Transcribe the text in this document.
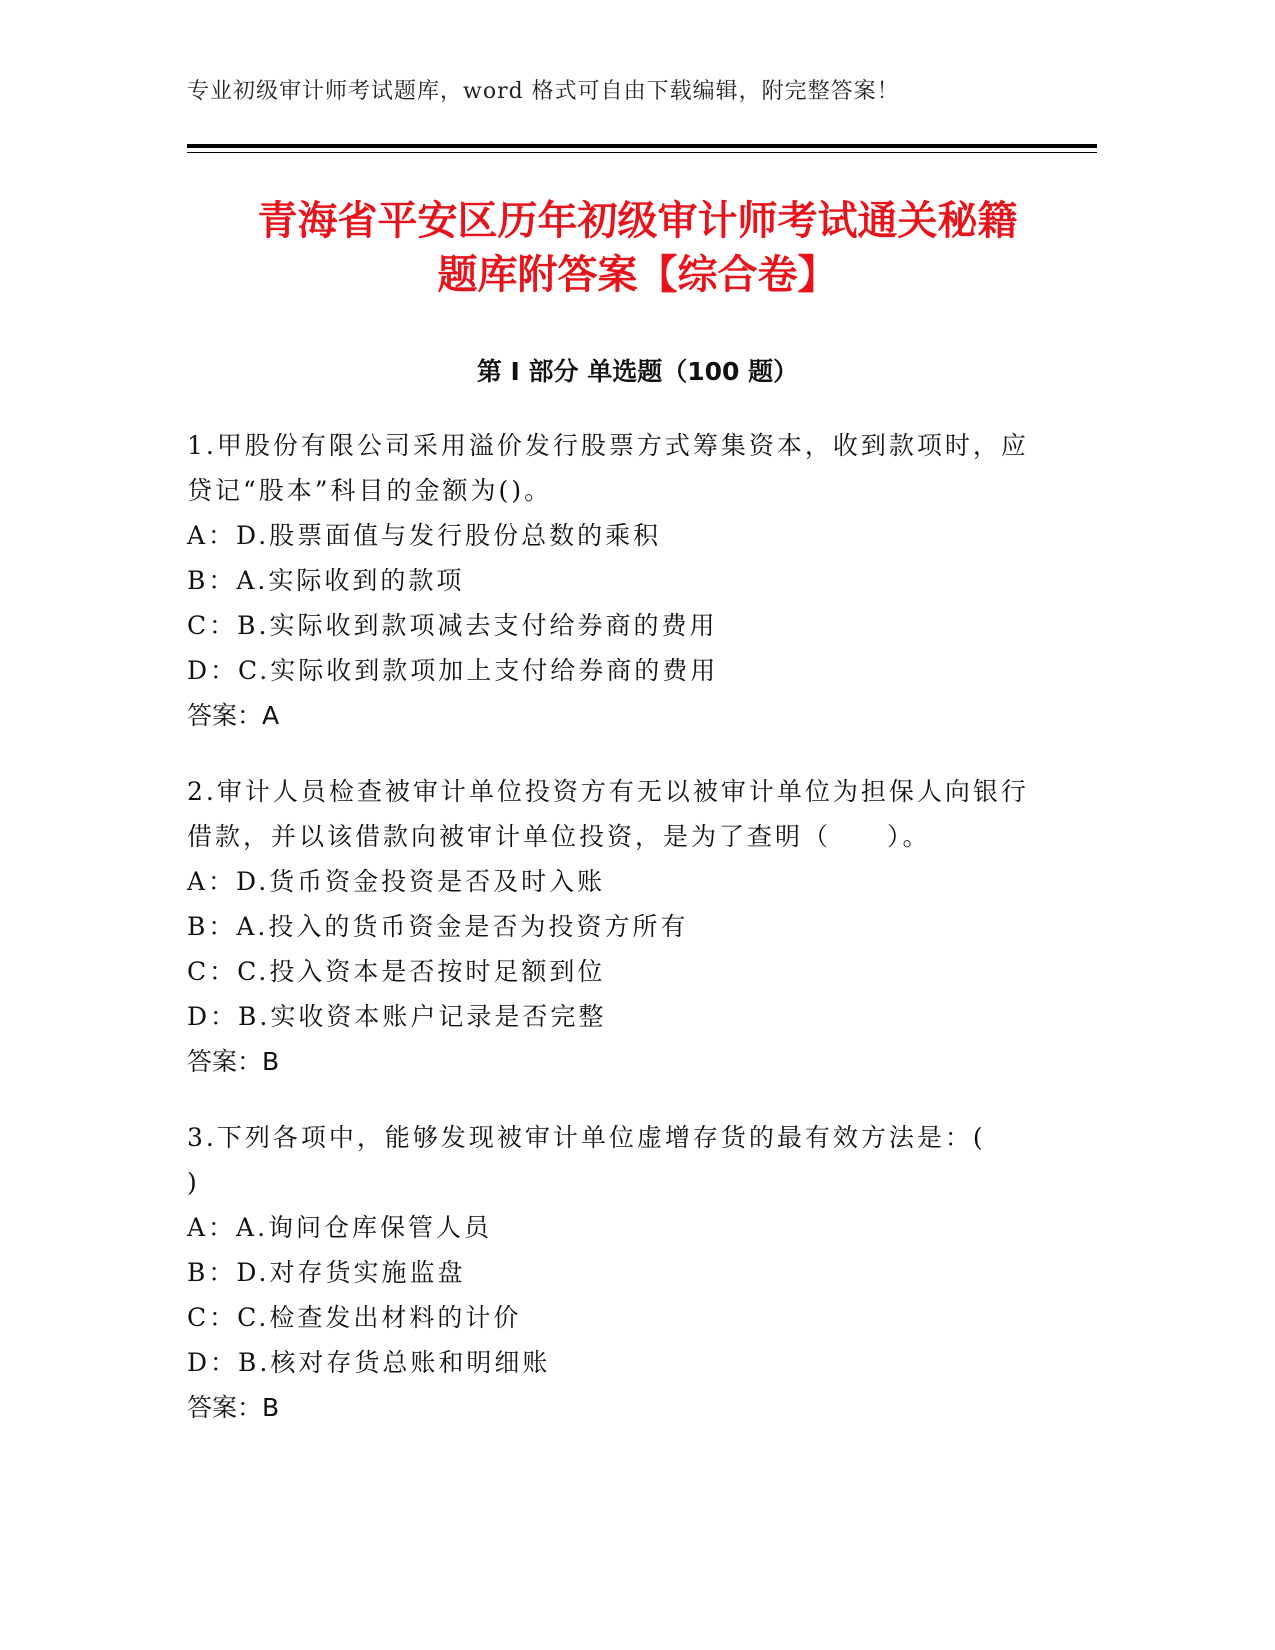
专业初级审计师考试题库，word 格式可自由下载编辑，附完整答案！
青海省平安区历年初级审计师考试通关秘籍
题库附答案【综合卷】
第 I 部分 单选题（100 题）

1.甲股份有限公司采用溢价发行股票方式筹集资本，收到款项时，应
贷记“股本”科目的金额为()。

A：D.股票面值与发行股份总数的乘积

B：A.实际收到的款项

C：B.实际收到款项减去支付给券商的费用

D：C.实际收到款项加上支付给券商的费用

答案：A

2.审计人员检查被审计单位投资方有无以被审计单位为担保人向银行
借款，并以该借款向被审计单位投资，是为了查明（　　）。

A：D.货币资金投资是否及时入账

B：A.投入的货币资金是否为投资方所有

C：C.投入资本是否按时足额到位

D：B.实收资本账户记录是否完整

答案：B

3.下列各项中，能够发现被审计单位虚增存货的最有效方法是：(
)

A：A.询问仓库保管人员

B：D.对存货实施监盘

C：C.检查发出材料的计价

D：B.核对存货总账和明细账

答案：B
